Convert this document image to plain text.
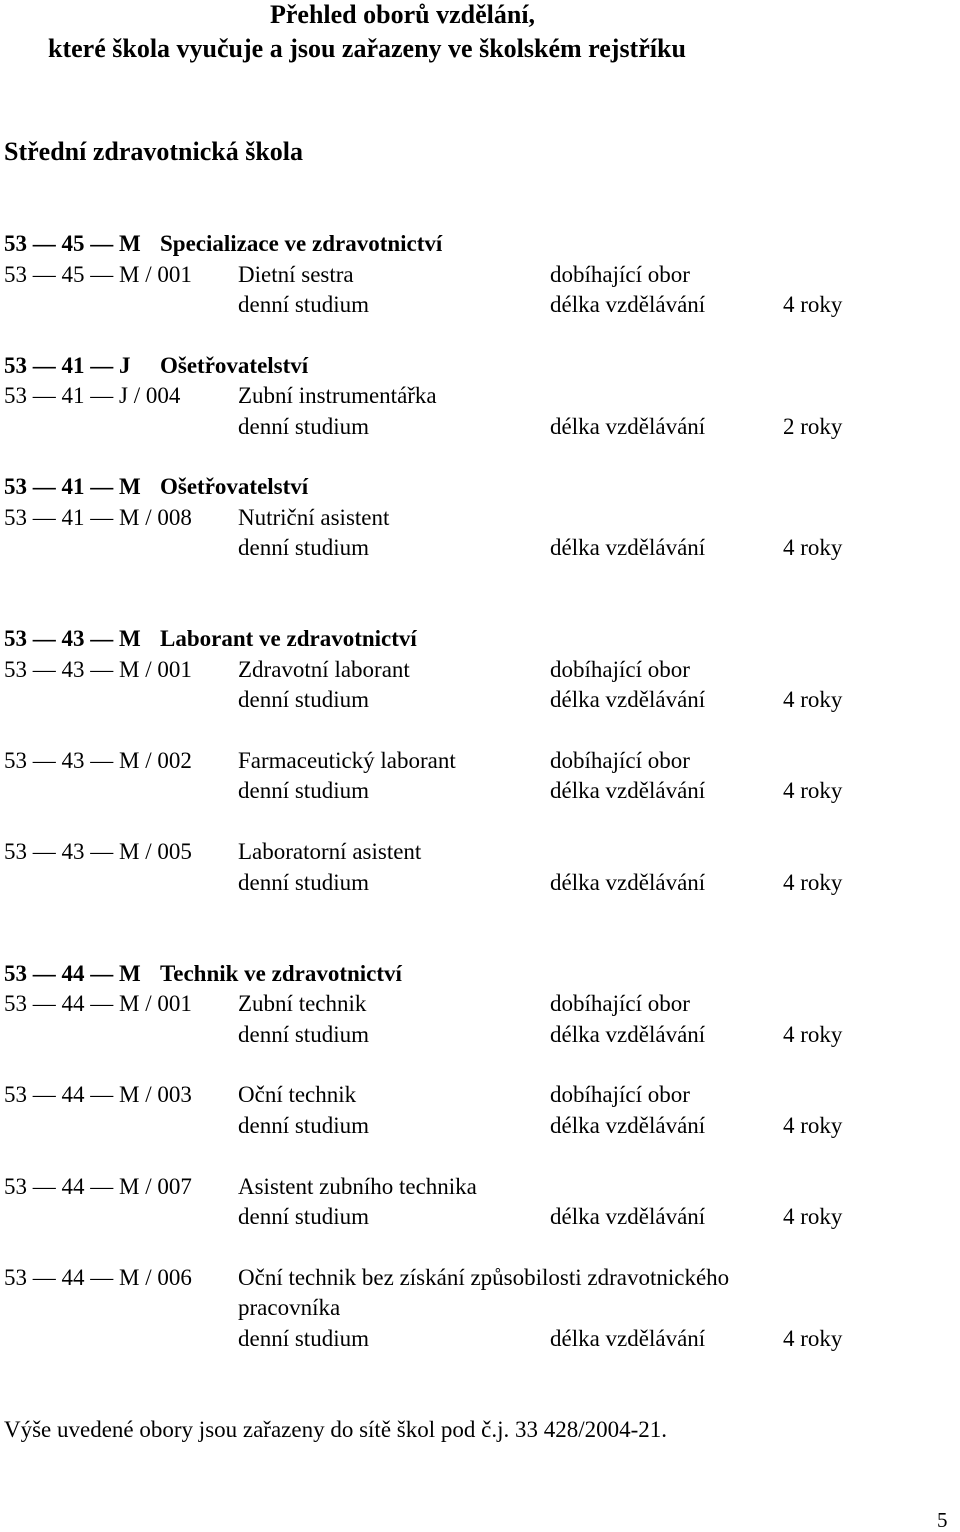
Přehled oborů vzdělání,
které škola vyučuje a jsou zařazeny ve školském rejstříku
Střední zdravotnická škola
53 — 45 — M Specializace ve zdravotnictví
53 — 45 — M / 001 Dietní sestra	dobíhající obor
denní studium	délka vzdělávání	4 roky
53 — 41 — J Ošetřovatelství
53 — 41 — J / 004	Zubní instrumentářka
denní studium	délka vzdělávání	2 roky
53 — 41 — M Ošetřovatelství
53 — 41 — M / 008 Nutriční asistent
denní studium	délka vzdělávání	4 roky
53 — 43 — M Laborant ve zdravotnictví
53 — 43 — M / 001 Zdravotní laborant	dobíhající obor
denní studium	délka vzdělávání	4 roky
53 — 43 — M / 002 Farmaceutický laborant	dobíhající obor
denní studium	délka vzdělávání	4 roky
53 — 43 — M / 005 Laboratorní asistent
denní studium	délka vzdělávání	4 roky
53 — 44 — M Technik ve zdravotnictví
53 — 44 — M / 001 Zubní technik	dobíhající obor
denní studium	délka vzdělávání	4 roky
53 — 44 — M / 003 Oční technik	dobíhající obor
denní studium	délka vzdělávání	4 roky
53 — 44 — M / 007 Asistent zubního technika
denní studium	délka vzdělávání	4 roky
53 — 44 — M / 006 Oční technik bez získání způsobilosti zdravotnického
pracovníka
denní studium	délka vzdělávání	4 roky
Výše uvedené obory jsou zařazeny do sítě škol pod č.j. 33 428/2004-21.
5
